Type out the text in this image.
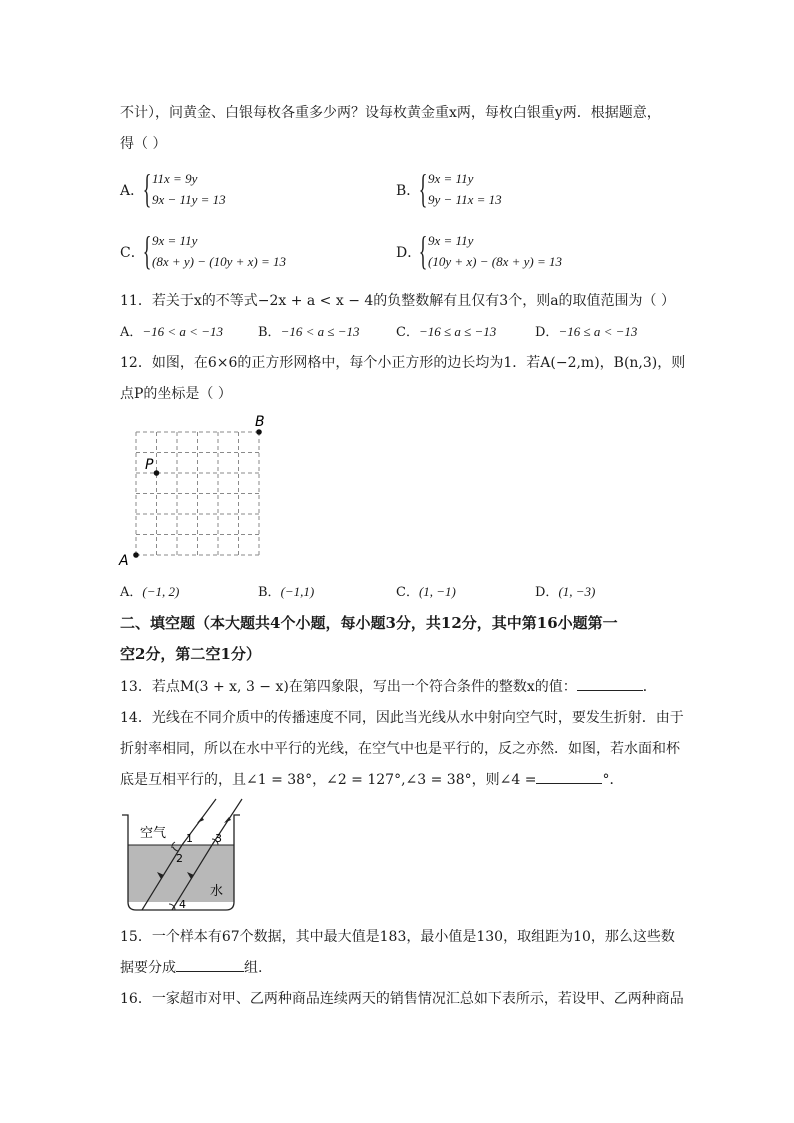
不计），问黄金、白银每枚各重多少两？设每枚黄金重x两，每枚白银重y两．根据题意，
得（ ）
A．
{ 11x = 9y
9x − 11y = 13
B．
{ 9x = 11y
9y − 11x = 13
C．
{ 9x = 11y
(8x + y) − (10y + x) = 13
D．
{ 9x = 11y
(10y + x) − (8x + y) = 13
11．若关于x的不等式−2x + a < x − 4的负整数解有且仅有3个，则a的取值范围为（ ）
A．−16 < a < −13	B．−16 < a ≤ −13	C．−16 ≤ a ≤ −13	D．−16 ≤ a < −13
12．如图，在6×6的正方形网格中，每个小正方形的边长均为1．若A(−2,m)，B(n,3)，则
点P的坐标是（ ）
A
B
P
A．(−1, 2)	B．(−1,1)	C．(1, −1)	D．(1, −3)
二、填空题（本大题共4个小题，每小题3分，共12分，其中第16小题第一
空2分，第二空1分）
13．若点M(3 + x, 3 − x)在第四象限，写出一个符合条件的整数x的值：	．
14．光线在不同介质中的传播速度不同，因此当光线从水中射向空气时，要发生折射．由于
折射率相同，所以在水中平行的光线，在空气中也是平行的，反之亦然．如图，若水面和杯
底是互相平行的，且∠1 = 38°，∠2 = 127°,∠3 = 38°，则∠4 =	°．
空气
水
1
2
3
4
15．一个样本有67个数据，其中最大值是183，最小值是130，取组距为10，那么这些数
据要分成	组.
16．一家超市对甲、乙两种商品连续两天的销售情况汇总如下表所示，若设甲、乙两种商品
